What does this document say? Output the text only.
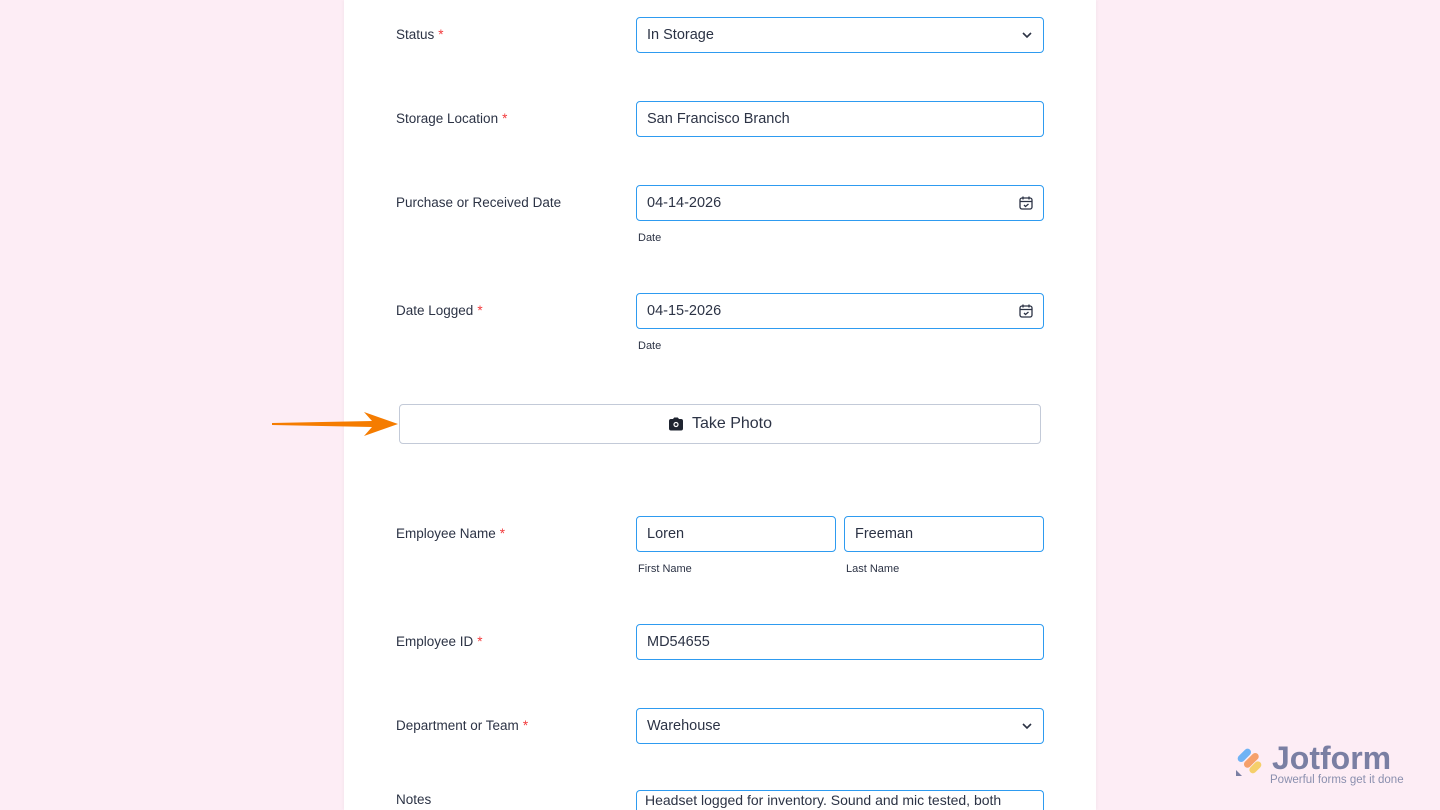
Status *	In Storage
Storage Location *	San Francisco Branch
Purchase or Received Date	04-14-2026
Date
Date Logged *	04-15-2026
Date
Take Photo
Employee Name *	Loren	Freeman
First Name	Last Name
Employee ID *	MD54655
Department or Team *	Warehouse
Notes	Headset logged for inventory. Sound and mic tested, both
Jotform
Powerful forms get it done
